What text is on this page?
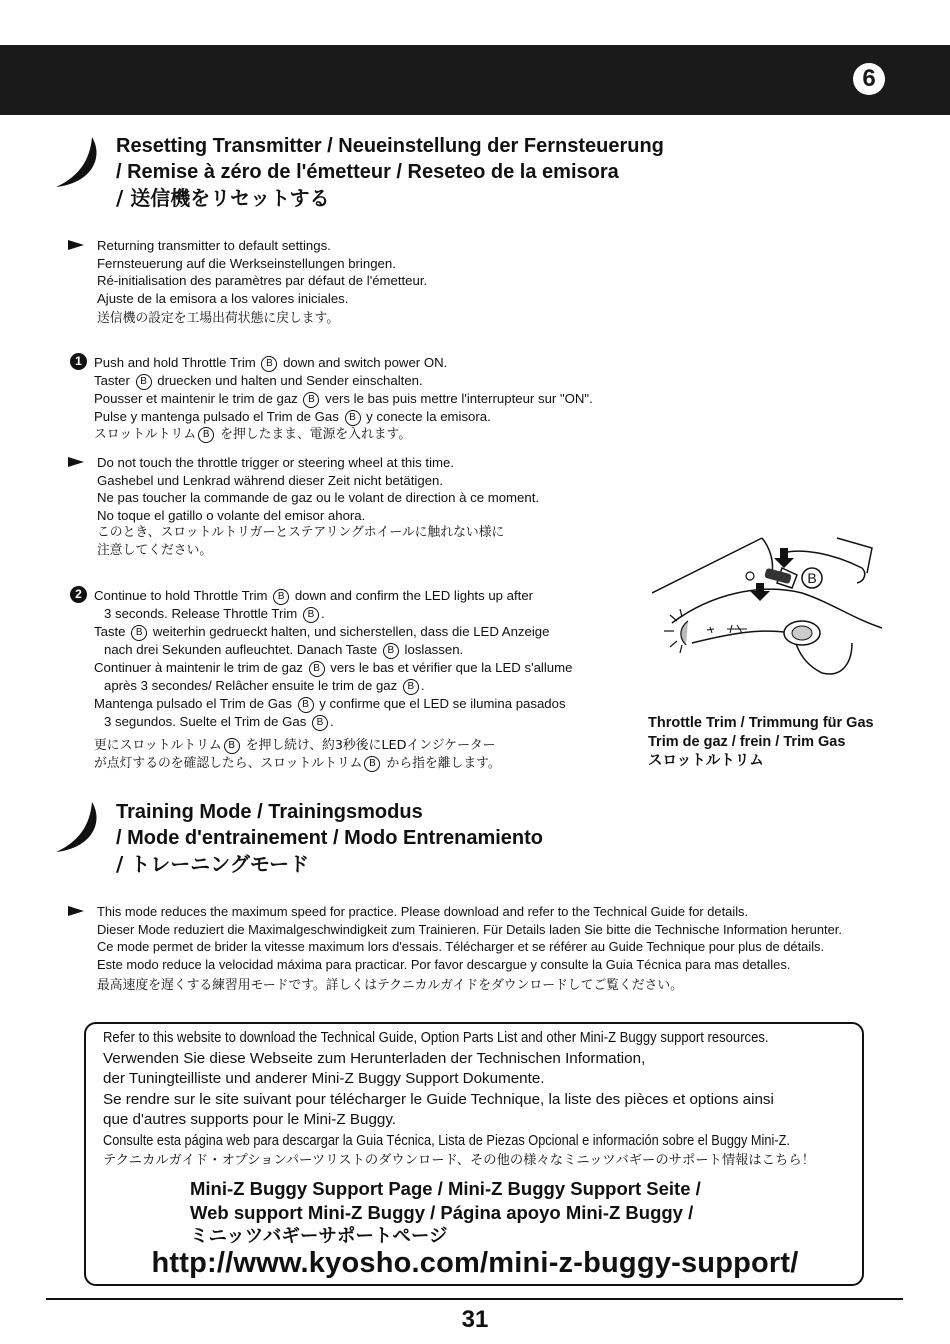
6
Resetting Transmitter / Neueinstellung der Fernsteuerung
/ Remise à zéro de l'émetteur / Reseteo de la emisora
/ 送信機をリセットする
Returning transmitter to default settings.
Fernsteuerung auf die Werkseinstellungen bringen.
Ré-initialisation des paramètres par défaut de l'émetteur.
Ajuste de la emisora a los valores iniciales.
送信機の設定を工場出荷状態に戻します。
1 Push and hold Throttle Trim B down and switch power ON.
Taster B druecken und halten und Sender einschalten.
Pousser et maintenir le trim de gaz B vers le bas puis mettre l'interrupteur sur "ON".
Pulse y mantenga pulsado el Trim de Gas B y conecte la emisora.
スロットルトリム B を押したまま、電源を入れます。
Do not touch the throttle trigger or steering wheel at this time.
Gashebel und Lenkrad während dieser Zeit nicht betätigen.
Ne pas toucher la commande de gaz ou le volant de direction à ce moment.
No toque el gatillo o volante del emisor ahora.
このとき、スロットルトリガーとステアリングホイールに触れない様に
注意してください。
2 Continue to hold Throttle Trim B down and confirm the LED lights up after
3 seconds. Release Throttle Trim B .
Taste B weiterhin gedrueckt halten, und sicherstellen, dass die LED Anzeige
nach drei Sekunden aufleuchtet. Danach Taste B loslassen.
Continuer à maintenir le trim de gaz B vers le bas et vérifier que la LED s'allume
après 3 secondes/ Relâcher ensuite le trim de gaz B .
Mantenga pulsado el Trim de Gas B y confirme que el LED se ilumina pasados
3 segundos. Suelte el Trim de Gas B .
更にスロットルトリム B を押し続け、約3秒後にLEDインジケーター
が点灯するのを確認したら、スロットルトリム B から指を離します。
B
Throttle Trim / Trimmung für Gas
Trim de gaz / frein / Trim Gas
スロットルトリム
Training Mode / Trainingsmodus
/ Mode d'entrainement / Modo Entrenamiento
/ トレーニングモード
This mode reduces the maximum speed for practice. Please download and refer to the Technical Guide for details.
Dieser Mode reduziert die Maximalgeschwindigkeit zum Trainieren. Für Details laden Sie bitte die Technische Information herunter.
Ce mode permet de brider la vitesse maximum lors d'essais. Télécharger et se référer au Guide Technique pour plus de détails.
Este modo reduce la velocidad máxima para practicar. Por favor descargue y consulte la Guia Técnica para mas detalles.
最高速度を遅くする練習用モードです。詳しくはテクニカルガイドをダウンロードしてご覧ください。
Refer to this website to download the Technical Guide, Option Parts List and other Mini-Z Buggy support resources.
Verwenden Sie diese Webseite zum Herunterladen der Technischen Information,
der Tuningteilliste und anderer Mini-Z Buggy Support Dokumente.
Se rendre sur le site suivant pour télécharger le Guide Technique, la liste des pièces et options ainsi
que d'autres supports pour le Mini-Z Buggy.
Consulte esta página web para descargar la Guia Técnica, Lista de Piezas Opcional e información sobre el Buggy Mini-Z.
テクニカルガイド・オプションパーツリストのダウンロード、その他の様々なミニッツバギーのサポート情報はこちら！
Mini-Z Buggy Support Page / Mini-Z Buggy Support Seite /
Web support Mini-Z Buggy / Página apoyo Mini-Z Buggy /
ミニッツバギーサポートページ
http://www.kyosho.com/mini-z-buggy-support/
31
